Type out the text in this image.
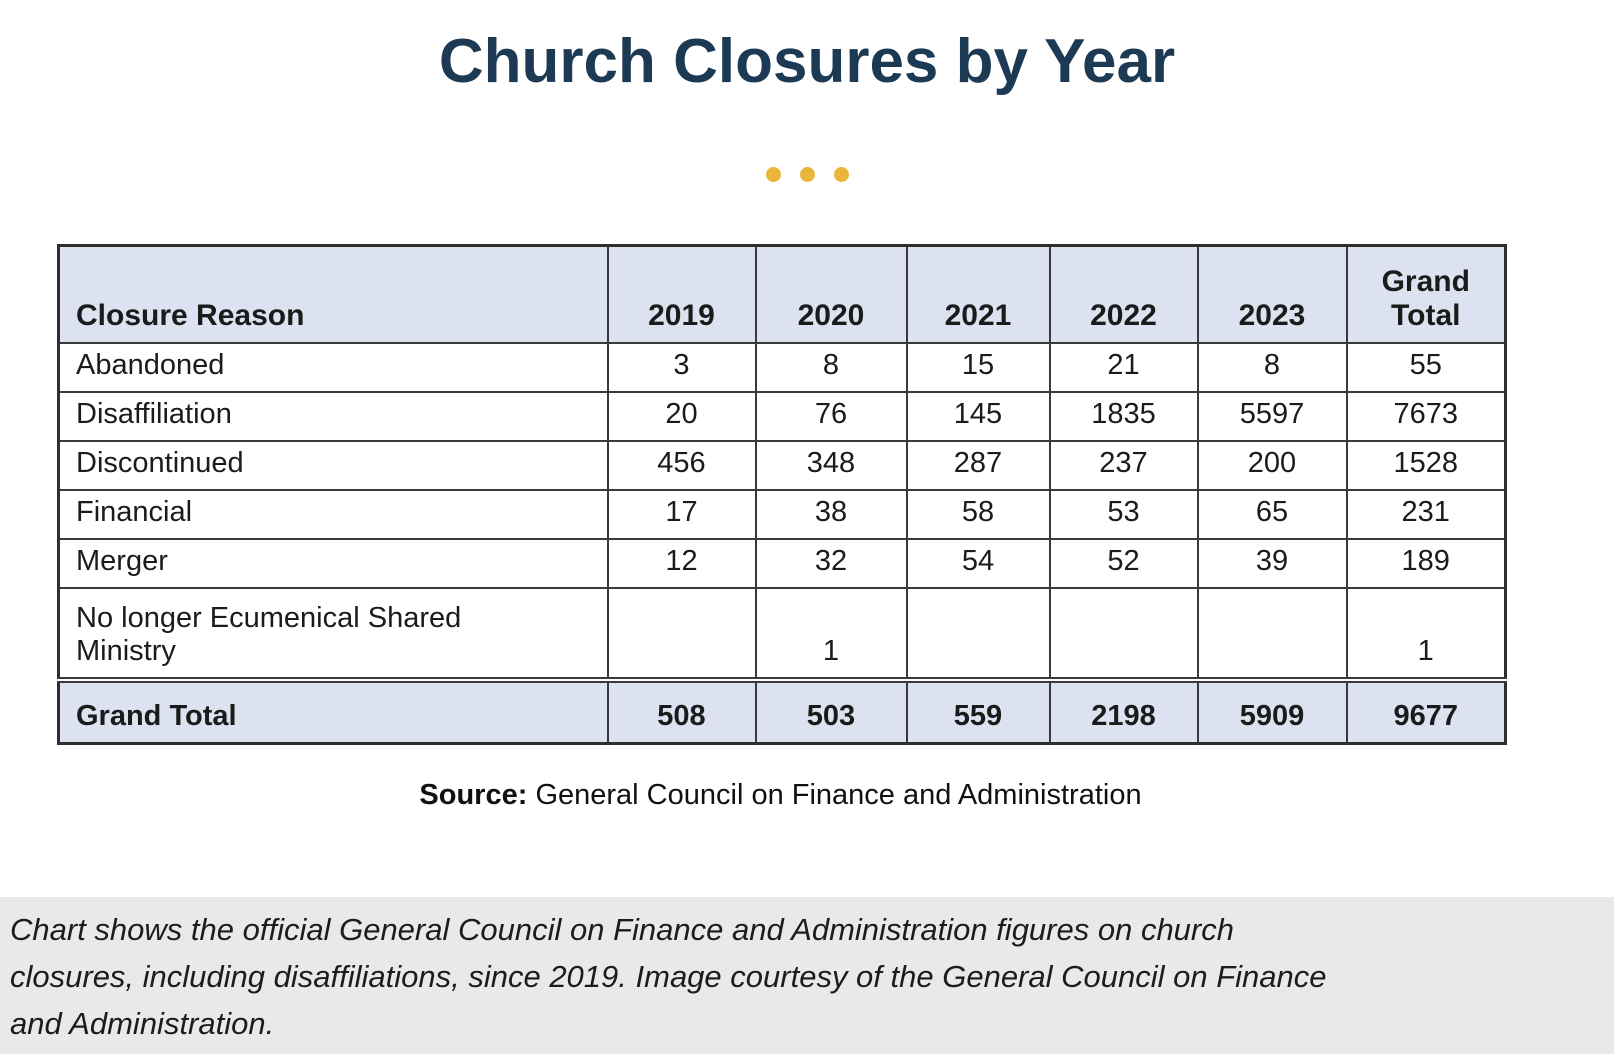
Church Closures by Year
Closure Reason	2019	2020	2021	2022	2023	Grand
Total

Abandoned	3	8	15	21	8	55
Disaffiliation	20	76	145	1835	5597	7673
Discontinued	456	348	287	237	200	1528
Financial	17	38	58	53	65	231
Merger	12	32	54	52	39	189

No longer Ecumenical Shared Ministry		1				1
Grand Total	508	503	559	2198	5909	9677

Source: General Council on Finance and Administration

Chart shows the official General Council on Finance and Administration figures on church
closures, including disaffiliations, since 2019. Image courtesy of the General Council on Finance
and Administration.
